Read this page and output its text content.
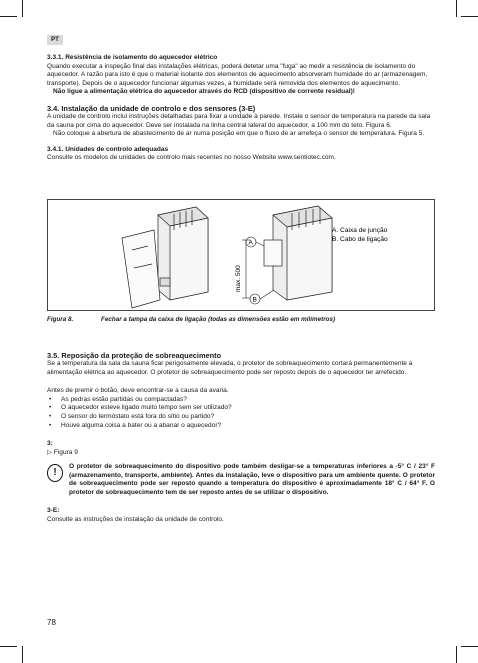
PT

3.3.1. Resistência de isolamento do aquecedor elétrico

Quando executar a inspeção final das instalações elétricas, poderá detetar uma "fuga" ao medir a resistência de isolamento do aquecedor. A razão para isto é que o material isolante dos elementos de aquecimento absorveram humidade do ar (armazenagem, transporte). Depois de o aquecedor funcionar algumas vezes, a humidade será removida dos elementos de aquecimento.

Não ligue a alimentação elétrica do aquecedor através do RCD (dispositivo de corrente residual)!

3.4. Instalação da unidade de controlo e dos sensores (3-E)

A unidade de controlo inclui instruções detalhadas para fixar a unidade à parede. Instale o sensor de temperatura na parede da sala da sauna por cima do aquecedor. Deve ser instalada na linha central lateral do aquecedor, a 100 mm do teto. Figura 6.

Não coloque a abertura de abastecimento de ar numa posição em que o fluxo de ar arrefeça o sensor de temperatura. Figura 5.

3.4.1. Unidades de controlo adequadas

Consulte os modelos de unidades de controlo mais recentes no nosso Website www.sentiotec.com.

max. 500
A
B
A. Caixa de junção
B. Cabo de ligação
Figura 8.	Fechar a tampa da caixa de ligação (todas as dimensões estão em milímetros)

3.5. Reposição da proteção de sobreaquecimento

Se a temperatura da sala da sauna ficar perigosamente elevada, o protetor de sobreaquecimento cortará permanentemente a alimentação elétrica ao aquecedor. O protetor de sobreaquecimento pode ser reposto depois de o aquecedor ter arrefecido.

Antes de premir o botão, deve encontrar-se a causa da avaria.

• As pedras estão partidas ou compactadas?
• O aquecedor esteve ligado muito tempo sem ser utilizado?
• O sensor do termóstato está fora do sítio ou partido?
• Houve alguma coisa a bater ou a abanar o aquecedor?

3:

▷ Figura 9

!

O protetor de sobreaquecimento do dispositivo pode também desligar-se a temperaturas inferiores a -5° C / 23° F (armazenamento, transporte, ambiente). Antes da instalação, leve o dispositivo para um ambiente quente. O protetor de sobreaquecimento pode ser reposto quando a temperatura do dispositivo é aproximadamente 18° C / 64° F. O protetor de sobreaquecimento tem de ser reposto antes de se utilizar o dispositivo.

3-E:

Consulte as instruções de instalação da unidade de controlo.

78
